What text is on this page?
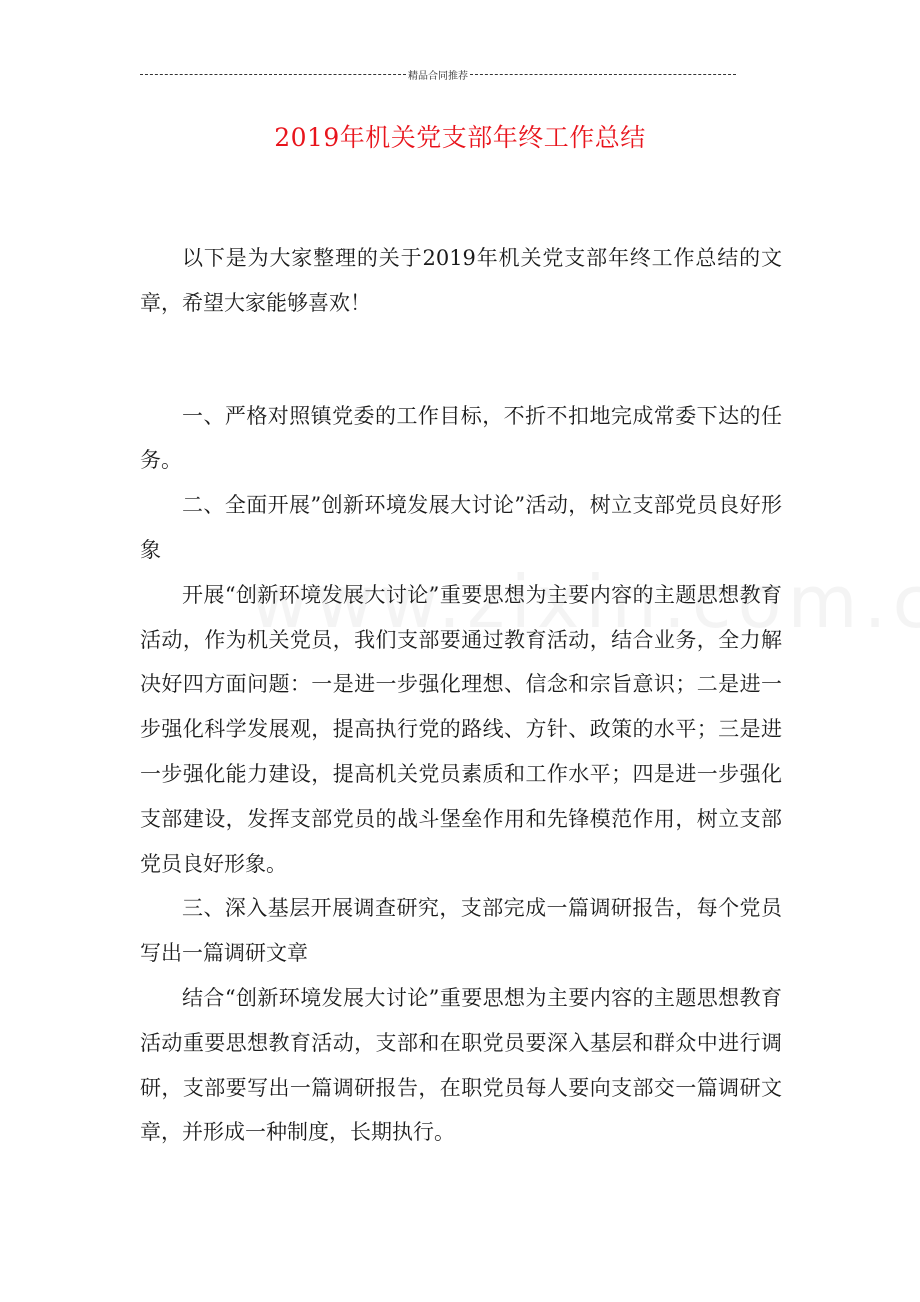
精品合同推荐
2019年机关党支部年终工作总结

以下是为大家整理的关于2019年机关党支部年终工作总结的文章，希望大家能够喜欢！

一、严格对照镇党委的工作目标，不折不扣地完成常委下达的任务。

二、全面开展”创新环境发展大讨论”活动，树立支部党员良好形象

开展“创新环境发展大讨论”重要思想为主要内容的主题思想教育活动，作为机关党员，我们支部要通过教育活动，结合业务，全力解决好四方面问题：一是进一步强化理想、信念和宗旨意识；二是进一步强化科学发展观，提高执行党的路线、方针、政策的水平；三是进一步强化能力建设，提高机关党员素质和工作水平；四是进一步强化支部建设，发挥支部党员的战斗堡垒作用和先锋模范作用，树立支部党员良好形象。

三、深入基层开展调查研究，支部完成一篇调研报告，每个党员写出一篇调研文章

结合“创新环境发展大讨论”重要思想为主要内容的主题思想教育活动重要思想教育活动，支部和在职党员要深入基层和群众中进行调研，支部要写出一篇调研报告，在职党员每人要向支部交一篇调研文章，并形成一种制度，长期执行。
